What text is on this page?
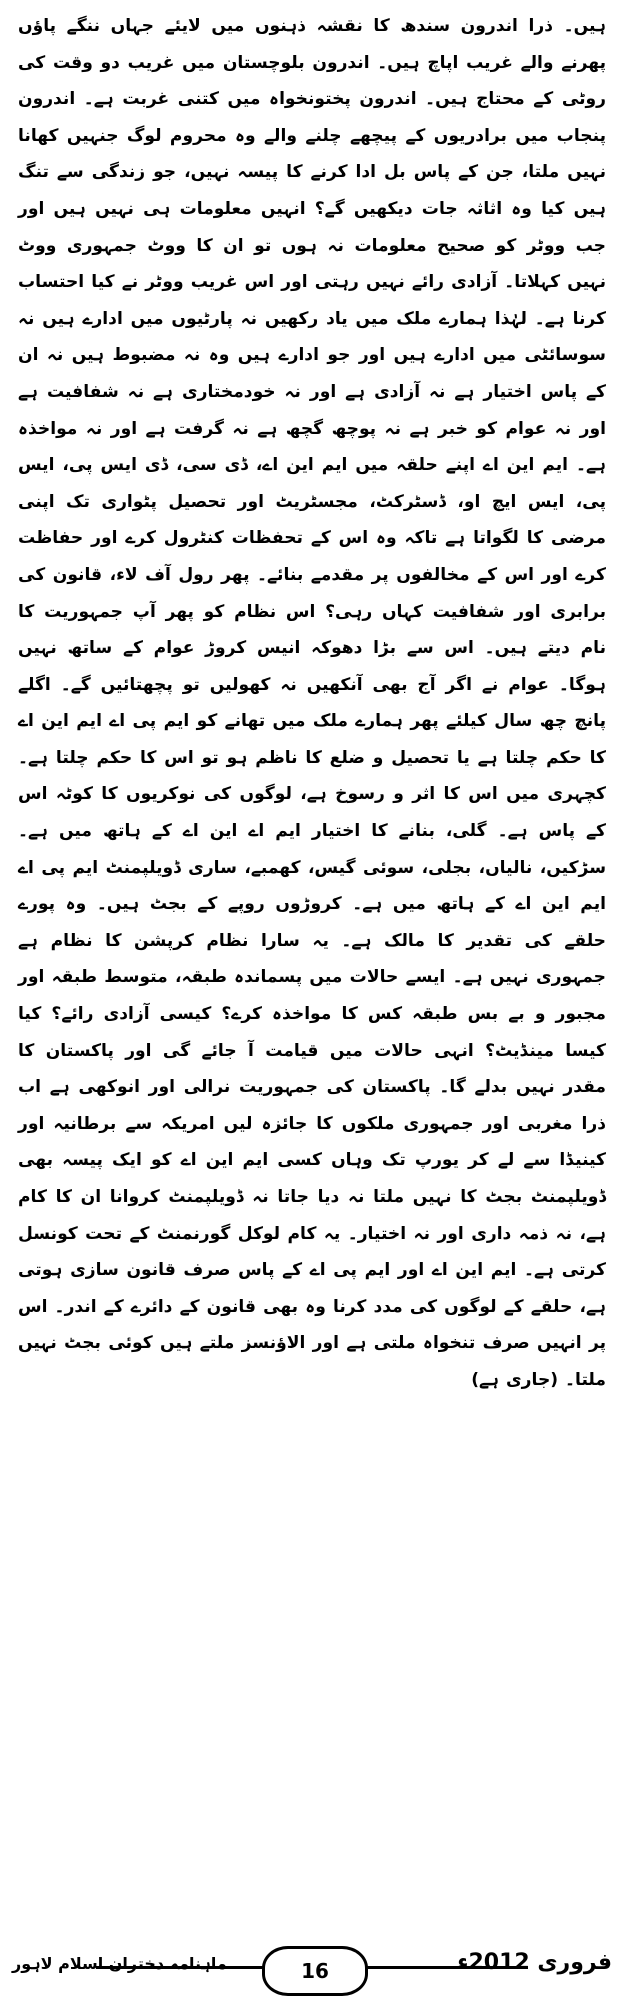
ہیں۔ ذرا اندرون سندھ کا نقشہ ذہنوں میں لایئے جہاں ننگے پاؤں پھرنے والے غریب اپاچ ہیں۔ اندرون بلوچستان میں غریب دو وقت کی روٹی کے محتاج ہیں۔ اندرون پختونخواہ میں کتنی غربت ہے۔ اندرون پنجاب میں برادریوں کے پیچھے چلنے والے وہ محروم لوگ جنہیں کھانا نہیں ملتا، جن کے پاس بل ادا کرنے کا پیسہ نہیں، جو زندگی سے تنگ ہیں کیا وہ اثاثہ جات دیکھیں گے؟ انہیں معلومات ہی نہیں ہیں اور جب ووٹر کو صحیح معلومات نہ ہوں تو ان کا ووٹ جمہوری ووٹ نہیں کہلاتا۔ آزادی رائے نہیں رہتی اور اس غریب ووٹر نے کیا احتساب کرنا ہے۔ لہٰذا ہمارے ملک میں یاد رکھیں نہ پارٹیوں میں ادارے ہیں نہ سوسائٹی میں ادارے ہیں اور جو ادارے ہیں وہ نہ مضبوط ہیں نہ ان کے پاس اختیار ہے نہ آزادی ہے اور نہ خودمختاری ہے نہ شفافیت ہے اور نہ عوام کو خبر ہے نہ پوچھ گچھ ہے نہ گرفت ہے اور نہ مواخذہ ہے۔ ایم این اے اپنے حلقہ میں ایم این اے، ڈی سی، ڈی ایس پی، ایس پی، ایس ایچ او، ڈسٹرکٹ، مجسٹریٹ اور تحصیل پٹواری تک اپنی مرضی کا لگواتا ہے تاکہ وہ اس کے تحفظات کنٹرول کرے اور حفاظت کرے اور اس کے مخالفوں پر مقدمے بنائے۔ پھر رول آف لاء، قانون کی برابری اور شفافیت کہاں رہی؟ اس نظام کو پھر آپ جمہوریت کا نام دیتے ہیں۔ اس سے بڑا دھوکہ انیس کروڑ عوام کے ساتھ نہیں ہوگا۔ عوام نے اگر آج بھی آنکھیں نہ کھولیں تو پچھتائیں گے۔ اگلے پانچ چھ سال کیلئے پھر ہمارے ملک میں تھانے کو ایم پی اے ایم این اے کا حکم چلتا ہے یا تحصیل و ضلع کا ناظم ہو تو اس کا حکم چلتا ہے۔ کچہری میں اس کا اثر و رسوخ ہے، لوگوں کی نوکریوں کا کوٹہ اس کے پاس ہے۔ گلی، بنانے کا اختیار ایم اے این اے کے ہاتھ میں ہے۔ سڑکیں، نالیاں، بجلی، سوئی گیس، کھمبے، ساری ڈویلپمنٹ ایم پی اے ایم این اے کے ہاتھ میں ہے۔ کروڑوں روپے کے بجٹ ہیں۔ وہ پورے حلقے کی تقدیر کا مالک ہے۔ یہ سارا نظام کرپشن کا نظام ہے جمہوری نہیں ہے۔ ایسے حالات میں پسماندہ طبقہ، متوسط طبقہ اور مجبور و بے بس طبقہ کس کا مواخذہ کرے؟ کیسی آزادی رائے؟ کیا کیسا مینڈیٹ؟ انہی حالات میں قیامت آ جائے گی اور پاکستان کا مقدر نہیں بدلے گا۔ پاکستان کی جمہوریت نرالی اور انوکھی ہے اب ذرا مغربی اور جمہوری ملکوں کا جائزہ لیں امریکہ سے برطانیہ اور کینیڈا سے لے کر یورپ تک وہاں کسی ایم این اے کو ایک پیسہ بھی ڈویلپمنٹ بجٹ کا نہیں ملتا نہ دیا جاتا نہ ڈویلپمنٹ کروانا ان کا کام ہے، نہ ذمہ داری اور نہ اختیار۔ یہ کام لوکل گورنمنٹ کے تحت کونسل کرتی ہے۔ ایم این اے اور ایم پی اے کے پاس صرف قانون سازی ہوتی ہے، حلقے کے لوگوں کی مدد کرنا وہ بھی قانون کے دائرے کے اندر۔ اس پر انہیں صرف تنخواہ ملتی ہے اور الاؤنسز ملتے ہیں کوئی بجٹ نہیں ملتا۔ (جاری ہے)

16	فروری 2012ء
ماہنامہ دختران اسلام لاہور
